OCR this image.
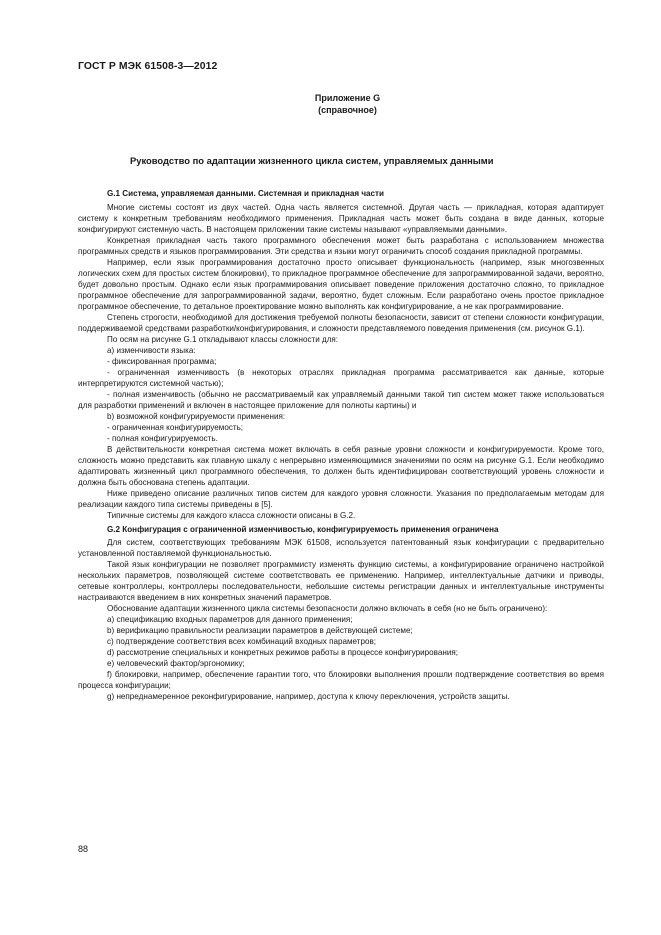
ГОСТ Р МЭК 61508-3—2012
Приложение G
(справочное)
Руководство по адаптации жизненного цикла систем, управляемых данными

G.1 Система, управляемая данными. Системная и прикладная части

Многие системы состоят из двух частей. Одна часть является системной. Другая часть — прикладная, которая адаптирует систему к конкретным требованиям необходимого применения. Прикладная часть может быть создана в виде данных, которые конфигурируют системную часть. В настоящем приложении такие системы называют «управляемыми данными».

Конкретная прикладная часть такого программного обеспечения может быть разработана с использованием множества программных средств и языков программирования. Эти средства и языки могут ограничить способ создания прикладной программы.

Например, если язык программирования достаточно просто описывает функциональность (например, язык многозвенных логических схем для простых систем блокировки), то прикладное программное обеспечение для запрограммированной задачи, вероятно, будет довольно простым. Однако если язык программирования описывает поведение приложения достаточно сложно, то прикладное программное обеспечение для запрограммированной задачи, вероятно, будет сложным. Если разработано очень простое прикладное программное обеспечение, то детальное проектирование можно выполнять как конфигурирование, а не как программирование.

Степень строгости, необходимой для достижения требуемой полноты безопасности, зависит от степени сложности конфигурации, поддерживаемой средствами разработки/конфигурирования, и сложности представляемого поведения применения (см. рисунок G.1).

По осям на рисунке G.1 откладывают классы сложности для:

а) изменчивости языка:

- фиксированная программа;

- ограниченная изменчивость (в некоторых отраслях прикладная программа рассматривается как данные, которые интерпретируются системной частью);

- полная изменчивость (обычно не рассматриваемый как управляемый данными такой тип систем может также использоваться для разработки применений и включен в настоящее приложение для полноты картины) и

b) возможной конфигурируемости применения:

- ограниченная конфигурируемость;

- полная конфигурируемость.

В действительности конкретная система может включать в себя разные уровни сложности и конфигурируемости. Кроме того, сложность можно представить как плавную шкалу с непрерывно изменяющимися значениями по осям на рисунке G.1. Если необходимо адаптировать жизненный цикл программного обеспечения, то должен быть идентифицирован соответствующий уровень сложности и должна быть обоснована степень адаптации.

Ниже приведено описание различных типов систем для каждого уровня сложности. Указания по предполагаемым методам для реализации каждого типа системы приведены в [5].

Типичные системы для каждого класса сложности описаны в G.2.

G.2 Конфигурация с ограниченной изменчивостью, конфигурируемость применения ограничена

Для систем, соответствующих требованиям МЭК 61508, используется патентованный язык конфигурации с предварительно установленной поставляемой функциональностью.

Такой язык конфигурации не позволяет программисту изменять функцию системы, а конфигурирование ограничено настройкой нескольких параметров, позволяющей системе соответствовать ее применению. Например, интеллектуальные датчики и приводы, сетевые контроллеры, контроллеры последовательности, небольшие системы регистрации данных и интеллектуальные инструменты настраиваются введением в них конкретных значений параметров.

Обоснование адаптации жизненного цикла системы безопасности должно включать в себя (но не быть ограничено):

a) спецификацию входных параметров для данного применения;

b) верификацию правильности реализации параметров в действующей системе;

c) подтверждение соответствия всех комбинаций входных параметров;

d) рассмотрение специальных и конкретных режимов работы в процессе конфигурирования;

e) человеческий фактор/эргономику;

f) блокировки, например, обеспечение гарантии того, что блокировки выполнения прошли подтверждение соответствия во время процесса конфигурации;

g) непреднамеренное реконфигурирование, например, доступа к ключу переключения, устройств защиты.

88
